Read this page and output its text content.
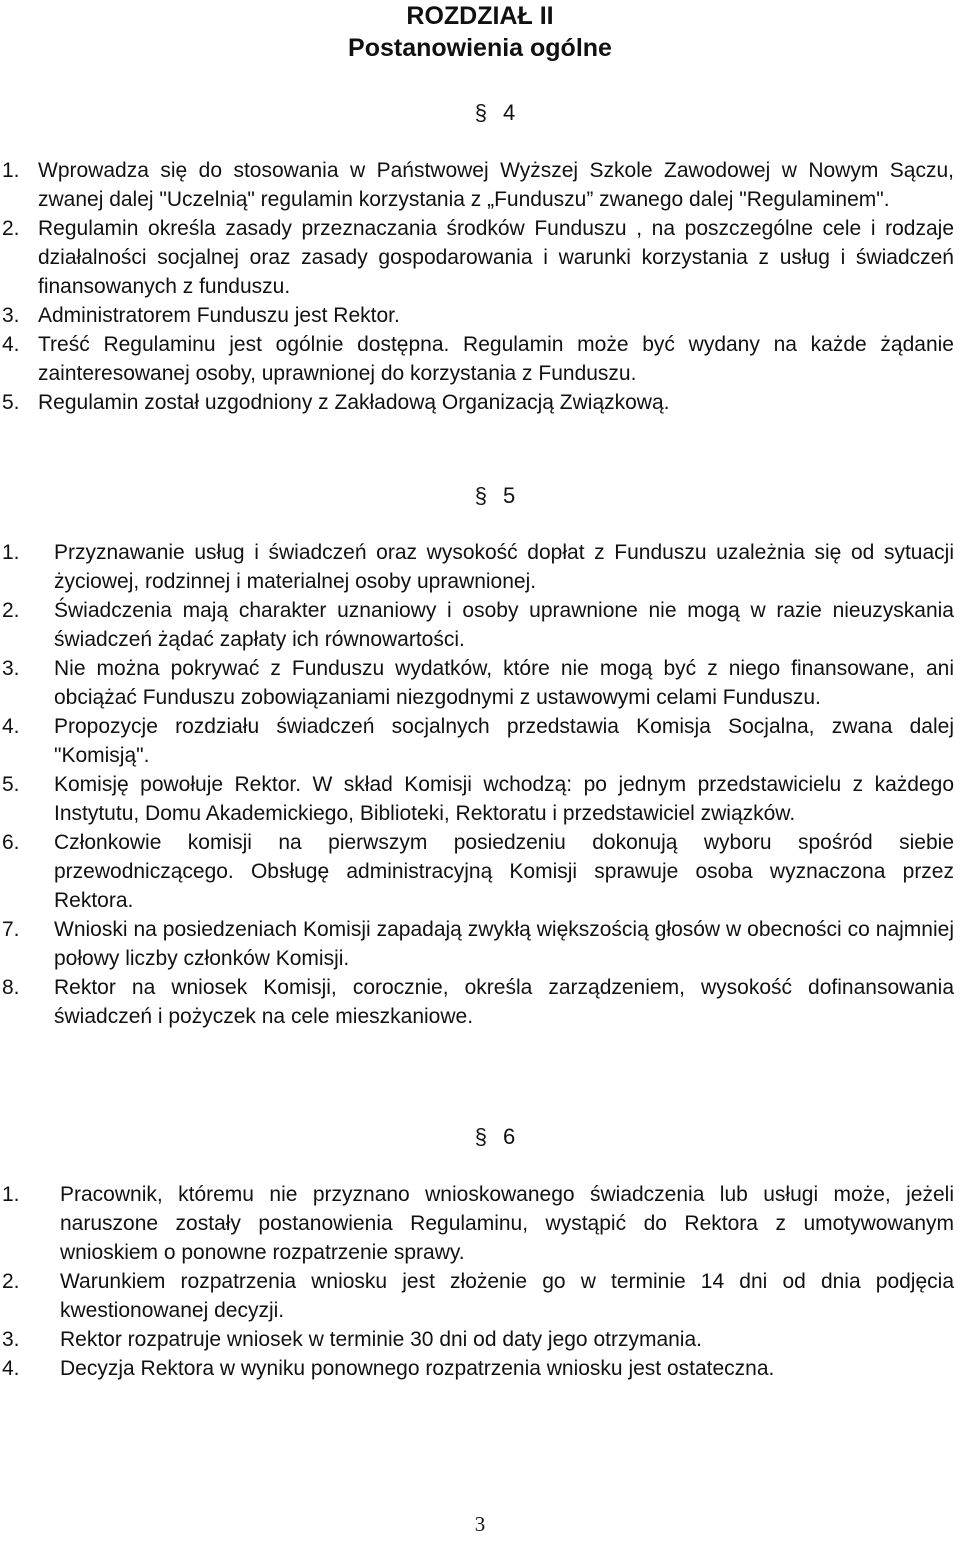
ROZDZIAŁ II
Postanowienia ogólne
§ 4
1. Wprowadza się do stosowania w Państwowej Wyższej Szkole Zawodowej w Nowym Sączu, zwanej dalej "Uczelnią" regulamin korzystania z „Funduszu” zwanego dalej "Regulaminem".
2. Regulamin określa zasady przeznaczania środków Funduszu , na poszczególne cele i rodzaje działalności socjalnej oraz zasady gospodarowania i warunki korzystania z usług i świadczeń finansowanych z funduszu.
3. Administratorem Funduszu jest Rektor.
4. Treść Regulaminu jest ogólnie dostępna. Regulamin może być wydany na każde żądanie zainteresowanej osoby, uprawnionej do korzystania z Funduszu.
5. Regulamin został uzgodniony z Zakładową Organizacją Związkową.
§ 5
1.	Przyznawanie usług i świadczeń oraz wysokość dopłat z Funduszu uzależnia się od sytuacji życiowej, rodzinnej i materialnej osoby uprawnionej.
2.	Świadczenia mają charakter uznaniowy i osoby uprawnione nie mogą w razie nieuzyskania świadczeń żądać zapłaty ich równowartości.
3.	Nie można pokrywać z Funduszu wydatków, które nie mogą być z niego finansowane, ani obciążać Funduszu zobowiązaniami niezgodnymi z ustawowymi celami Funduszu.
4.	Propozycje rozdziału świadczeń socjalnych przedstawia Komisja Socjalna, zwana dalej "Komisją".
5.	Komisję powołuje Rektor. W skład Komisji wchodzą: po jednym przedstawicielu z każdego Instytutu, Domu Akademickiego, Biblioteki, Rektoratu i przedstawiciel związków.
6.	Członkowie komisji na pierwszym posiedzeniu dokonują wyboru spośród siebie przewodniczącego. Obsługę administracyjną Komisji sprawuje osoba wyznaczona przez Rektora.
7.	Wnioski na posiedzeniach Komisji zapadają zwykłą większością głosów w obecności co najmniej połowy liczby członków Komisji.
8.	Rektor na wniosek Komisji, corocznie, określa zarządzeniem, wysokość dofinansowania świadczeń i pożyczek na cele mieszkaniowe.
§ 6
1.	Pracownik, któremu nie przyznano wnioskowanego świadczenia lub usługi może, jeżeli naruszone zostały postanowienia Regulaminu, wystąpić do Rektora z umotywowanym wnioskiem o ponowne rozpatrzenie sprawy.
2.	Warunkiem rozpatrzenia wniosku jest złożenie go w terminie 14 dni od dnia podjęcia kwestionowanej decyzji.
3.	Rektor rozpatruje wniosek w terminie 30 dni od daty jego otrzymania.
4.	Decyzja Rektora w wyniku ponownego rozpatrzenia wniosku jest ostateczna.
3
